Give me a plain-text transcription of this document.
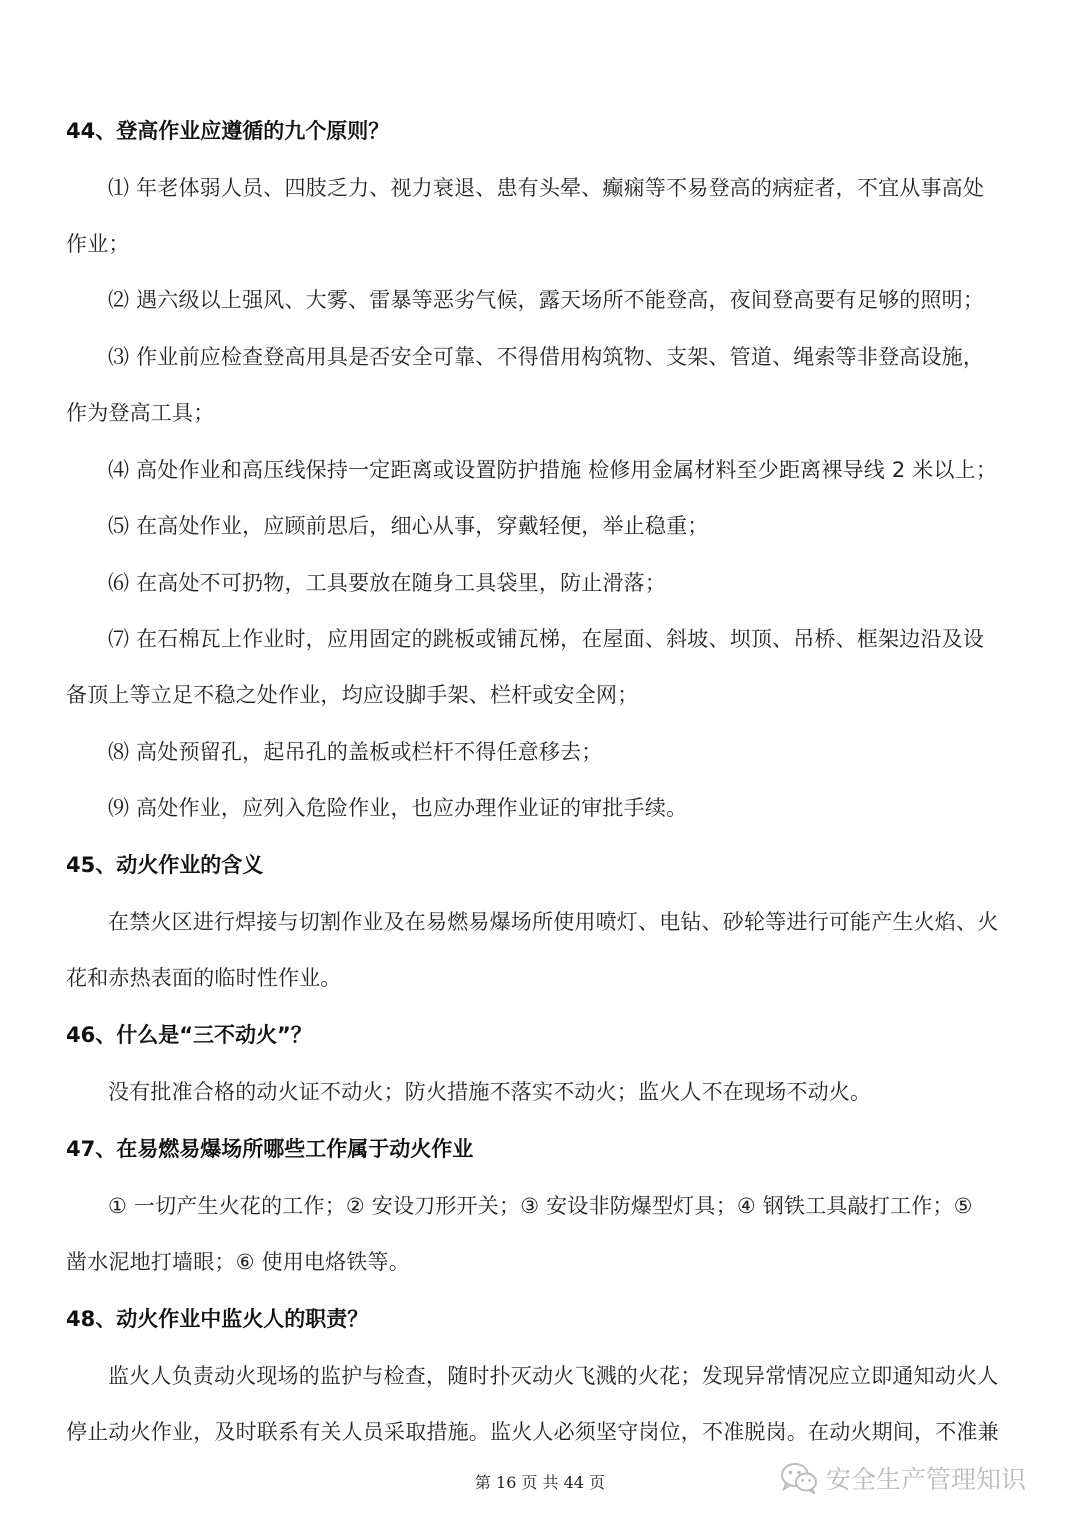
44、登高作业应遵循的九个原则？
⑴ 年老体弱人员、四肢乏力、视力衰退、患有头晕、癫痫等不易登高的病症者，不宜从事高处
作业；
⑵ 遇六级以上强风、大雾、雷暴等恶劣气候，露天场所不能登高，夜间登高要有足够的照明；
⑶ 作业前应检查登高用具是否安全可靠、不得借用构筑物、支架、管道、绳索等非登高设施，
作为登高工具；
⑷ 高处作业和高压线保持一定距离或设置防护措施 检修用金属材料至少距离裸导线 2 米以上；
⑸ 在高处作业，应顾前思后，细心从事，穿戴轻便，举止稳重；
⑹ 在高处不可扔物，工具要放在随身工具袋里，防止滑落；
⑺ 在石棉瓦上作业时，应用固定的跳板或铺瓦梯，在屋面、斜坡、坝顶、吊桥、框架边沿及设
备顶上等立足不稳之处作业，均应设脚手架、栏杆或安全网；
⑻ 高处预留孔，起吊孔的盖板或栏杆不得任意移去；
⑼ 高处作业，应列入危险作业，也应办理作业证的审批手续。
45、动火作业的含义
在禁火区进行焊接与切割作业及在易燃易爆场所使用喷灯、电钻、砂轮等进行可能产生火焰、火
花和赤热表面的临时性作业。
46、什么是“三不动火”？
没有批准合格的动火证不动火；防火措施不落实不动火；监火人不在现场不动火。
47、在易燃易爆场所哪些工作属于动火作业
① 一切产生火花的工作；② 安设刀形开关；③ 安设非防爆型灯具；④ 钢铁工具敲打工作；⑤
凿水泥地打墙眼；⑥ 使用电烙铁等。
48、动火作业中监火人的职责？
监火人负责动火现场的监护与检查，随时扑灭动火飞溅的火花；发现异常情况应立即通知动火人
停止动火作业，及时联系有关人员采取措施。监火人必须坚守岗位，不准脱岗。在动火期间，不准兼
第 16 页 共 44 页	安全生产管理知识
